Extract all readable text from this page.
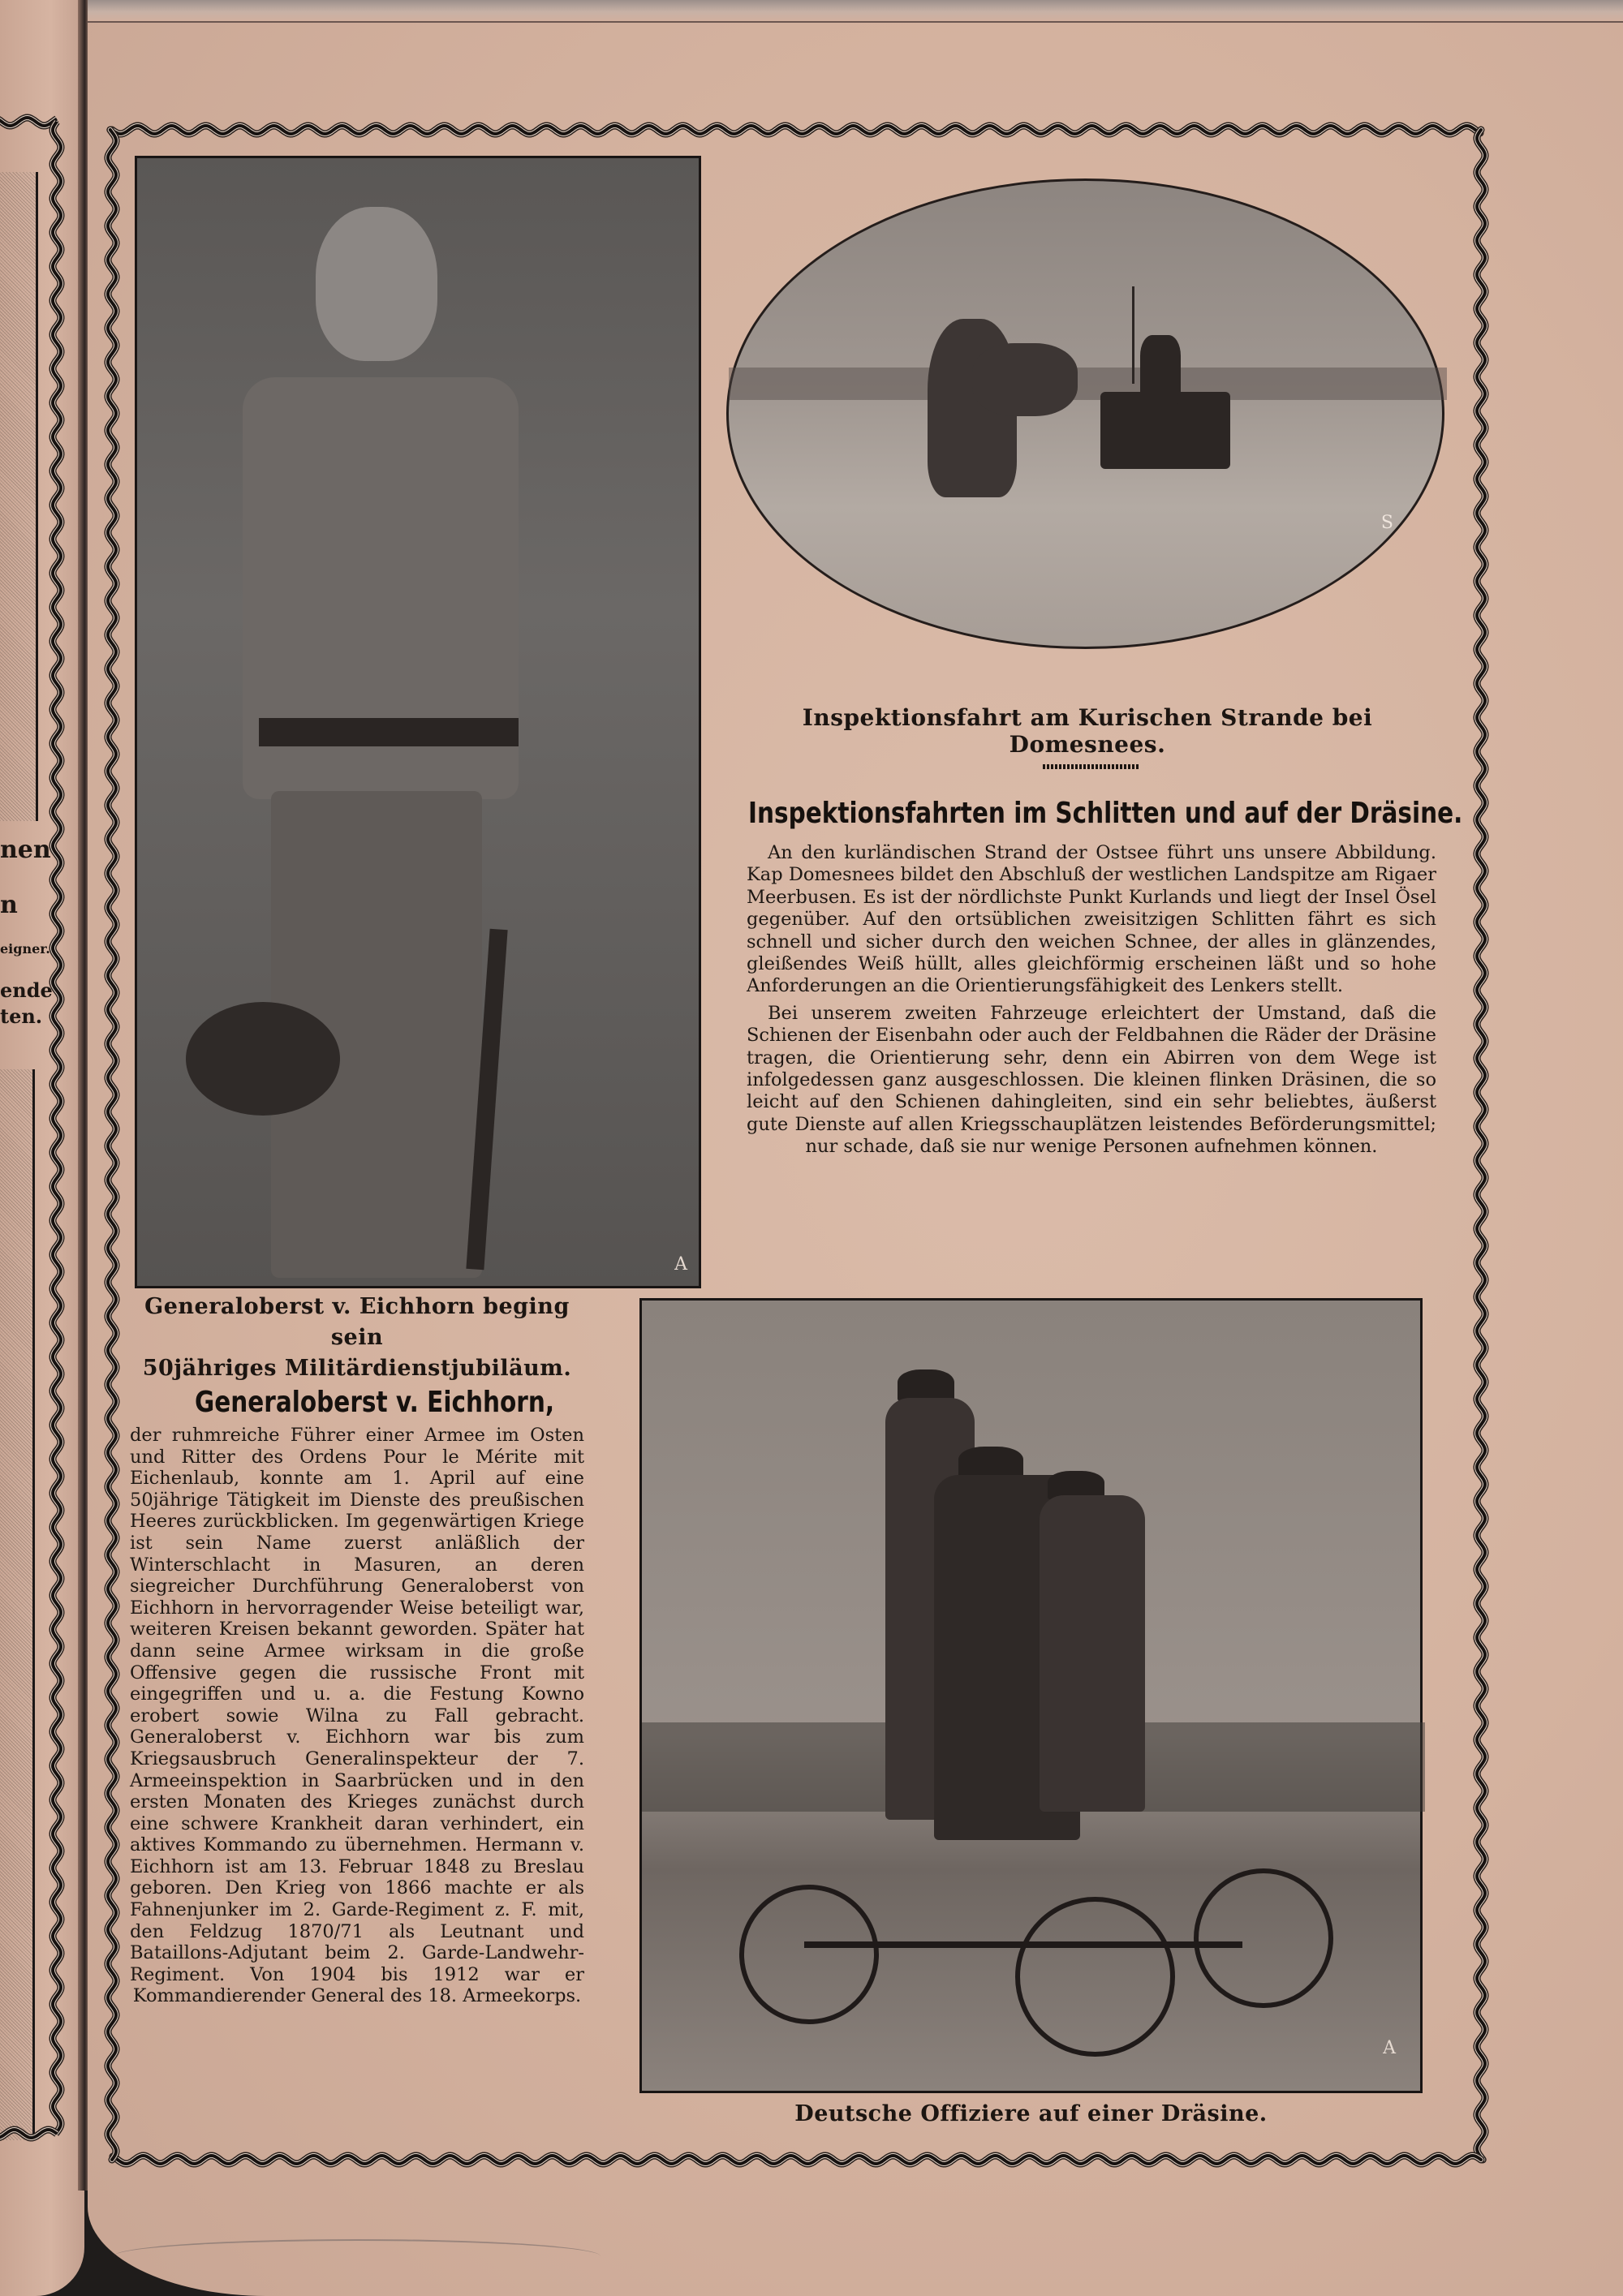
nen
n
eigner.
ende
ten.
A
S
Inspektionsfahrt am Kurischen Strande bei Domesnees.
Inspektionsfahrten im Schlitten und auf der Dräsine.

An den kurländischen Strand der Ostsee führt uns unsere Abbildung. Kap Domesnees bildet den Abschluß der westlichen Landspitze am Rigaer Meerbusen. Es ist der nördlichste Punkt Kurlands und liegt der Insel Ösel gegenüber. Auf den ortsüblichen zweisitzigen Schlitten fährt es sich schnell und sicher durch den weichen Schnee, der alles in glänzendes, gleißendes Weiß hüllt, alles gleichförmig erscheinen läßt und so hohe Anforderungen an die Orientierungsfähigkeit des Lenkers stellt.

Bei unserem zweiten Fahrzeuge erleichtert der Umstand, daß die Schienen der Eisenbahn oder auch der Feldbahnen die Räder der Dräsine tragen, die Orientierung sehr, denn ein Abirren von dem Wege ist infolgedessen ganz ausgeschlossen. Die kleinen flinken Dräsinen, die so leicht auf den Schienen dahingleiten, sind ein sehr beliebtes, äußerst gute Dienste auf allen Kriegsschauplätzen leistendes Beförderungsmittel; nur schade, daß sie nur wenige Personen aufnehmen können.

Generaloberst v. Eichhorn beging sein
50jähriges Militärdienstjubiläum.
Generaloberst v. Eichhorn,

der ruhmreiche Führer einer Armee im Osten und Ritter des Ordens Pour le Mérite mit Eichenlaub, konnte am 1. April auf eine 50jährige Tätigkeit im Dienste des preußischen Heeres zurückblicken. Im gegenwärtigen Kriege ist sein Name zuerst anläßlich der Winterschlacht in Masuren, an deren siegreicher Durchführung Generaloberst von Eichhorn in hervorragender Weise beteiligt war, weiteren Kreisen bekannt geworden. Später hat dann seine Armee wirksam in die große Offensive gegen die russische Front mit eingegriffen und u. a. die Festung Kowno erobert sowie Wilna zu Fall gebracht. Generaloberst v. Eichhorn war bis zum Kriegsausbruch Generalinspekteur der 7. Armeeinspektion in Saarbrücken und in den ersten Monaten des Krieges zunächst durch eine schwere Krankheit daran verhindert, ein aktives Kommando zu übernehmen. Hermann v. Eichhorn ist am 13. Februar 1848 zu Breslau geboren. Den Krieg von 1866 machte er als Fahnenjunker im 2. Garde-Regiment z. F. mit, den Feldzug 1870/71 als Leutnant und Bataillons-Adjutant beim 2. Garde-Landwehr-Regiment. Von 1904 bis 1912 war er Kommandierender General des 18. Armeekorps.

A
Deutsche Offiziere auf einer Dräsine.
